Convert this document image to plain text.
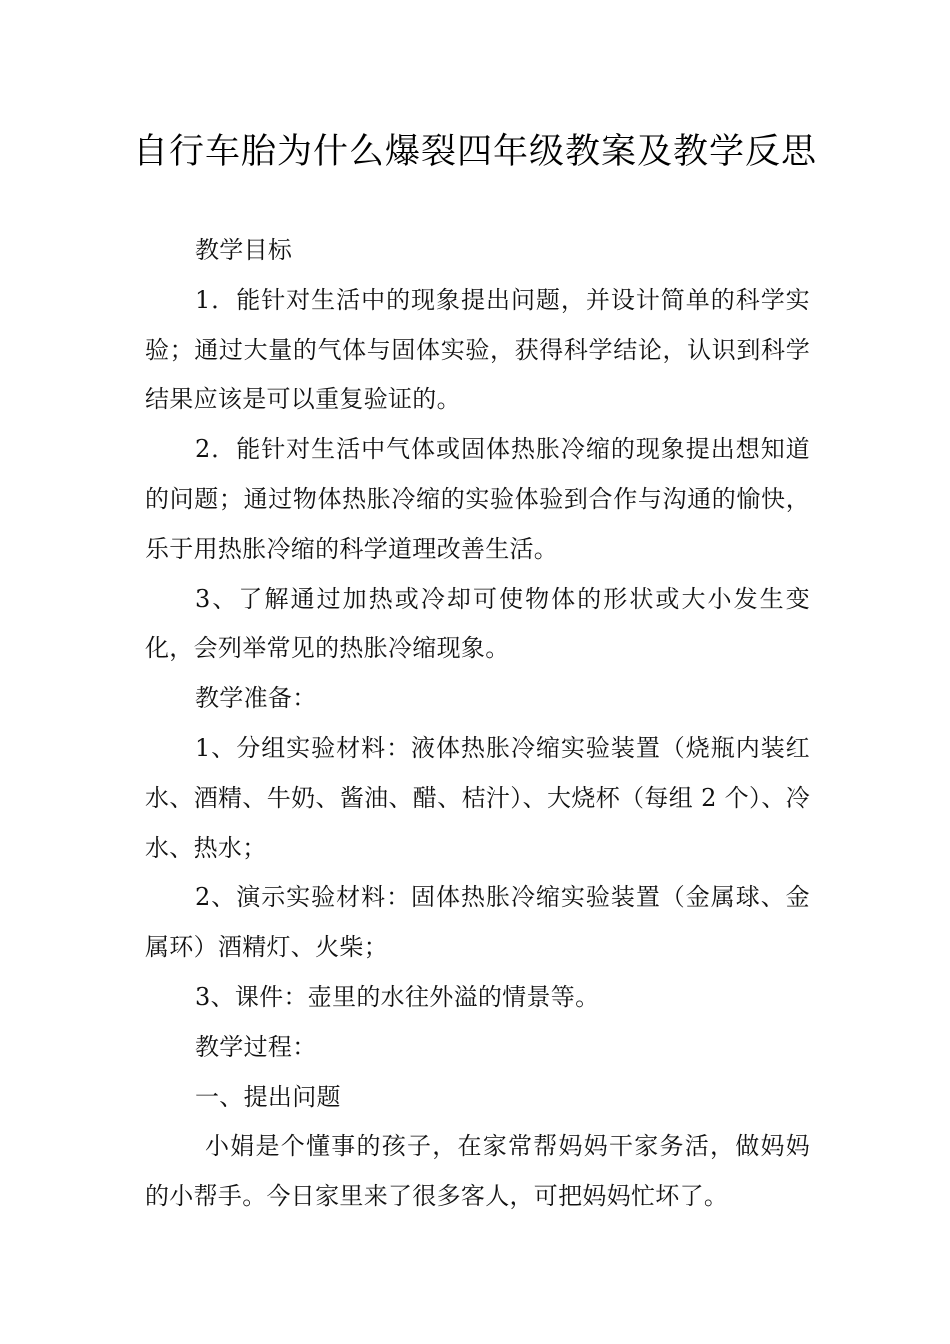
自行车胎为什么爆裂四年级教案及教学反思

教学目标

1．能针对生活中的现象提出问题，并设计简单的科学实验；通过大量的气体与固体实验，获得科学结论，认识到科学结果应该是可以重复验证的。

2．能针对生活中气体或固体热胀冷缩的现象提出想知道的问题；通过物体热胀冷缩的实验体验到合作与沟通的愉快，乐于用热胀冷缩的科学道理改善生活。

3、了解通过加热或冷却可使物体的形状或大小发生变化，会列举常见的热胀冷缩现象。

教学准备：

1、分组实验材料：液体热胀冷缩实验装置（烧瓶内装红水、酒精、牛奶、酱油、醋、桔汁）、大烧杯（每组 2 个）、冷水、热水；

2、演示实验材料：固体热胀冷缩实验装置（金属球、金属环）酒精灯、火柴；

3、课件：壶里的水往外溢的情景等。

教学过程：

一、提出问题

小娟是个懂事的孩子，在家常帮妈妈干家务活，做妈妈的小帮手。今日家里来了很多客人，可把妈妈忙坏了。
